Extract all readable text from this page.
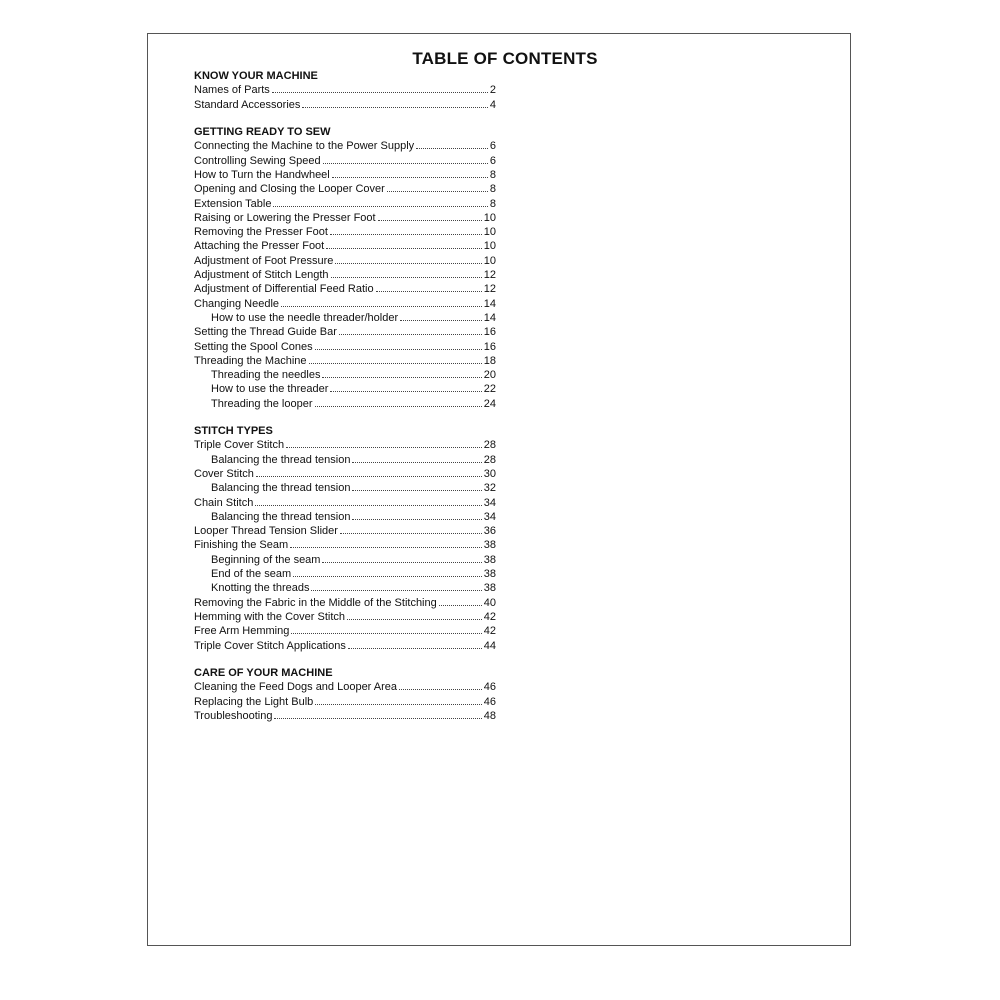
TABLE OF CONTENTS
KNOW YOUR MACHINE
Names of Parts	2
Standard Accessories	4
GETTING READY TO SEW
Connecting the Machine to the Power Supply	6
Controlling Sewing Speed	6
How to Turn the Handwheel	8
Opening and Closing the Looper Cover	8
Extension Table	8
Raising or Lowering the Presser Foot	10
Removing the Presser Foot	10
Attaching the Presser Foot	10
Adjustment of Foot Pressure	10
Adjustment of Stitch Length	12
Adjustment of Differential Feed Ratio	12
Changing Needle	14
How to use the needle threader/holder	14
Setting the Thread Guide Bar	16
Setting the Spool Cones	16
Threading the Machine	18
Threading the needles	20
How to use the threader	22
Threading the looper	24
STITCH TYPES
Triple Cover Stitch	28
Balancing the thread tension	28
Cover Stitch	30
Balancing the thread tension	32
Chain Stitch	34
Balancing the thread tension	34
Looper Thread Tension Slider	36
Finishing the Seam	38
Beginning of the seam	38
End of the seam	38
Knotting the threads	38
Removing the Fabric in the Middle of the Stitching	40
Hemming with the Cover Stitch	42
Free Arm Hemming	42
Triple Cover Stitch Applications	44
CARE OF YOUR MACHINE
Cleaning the Feed Dogs and Looper Area	46
Replacing the Light Bulb	46
Troubleshooting	48
